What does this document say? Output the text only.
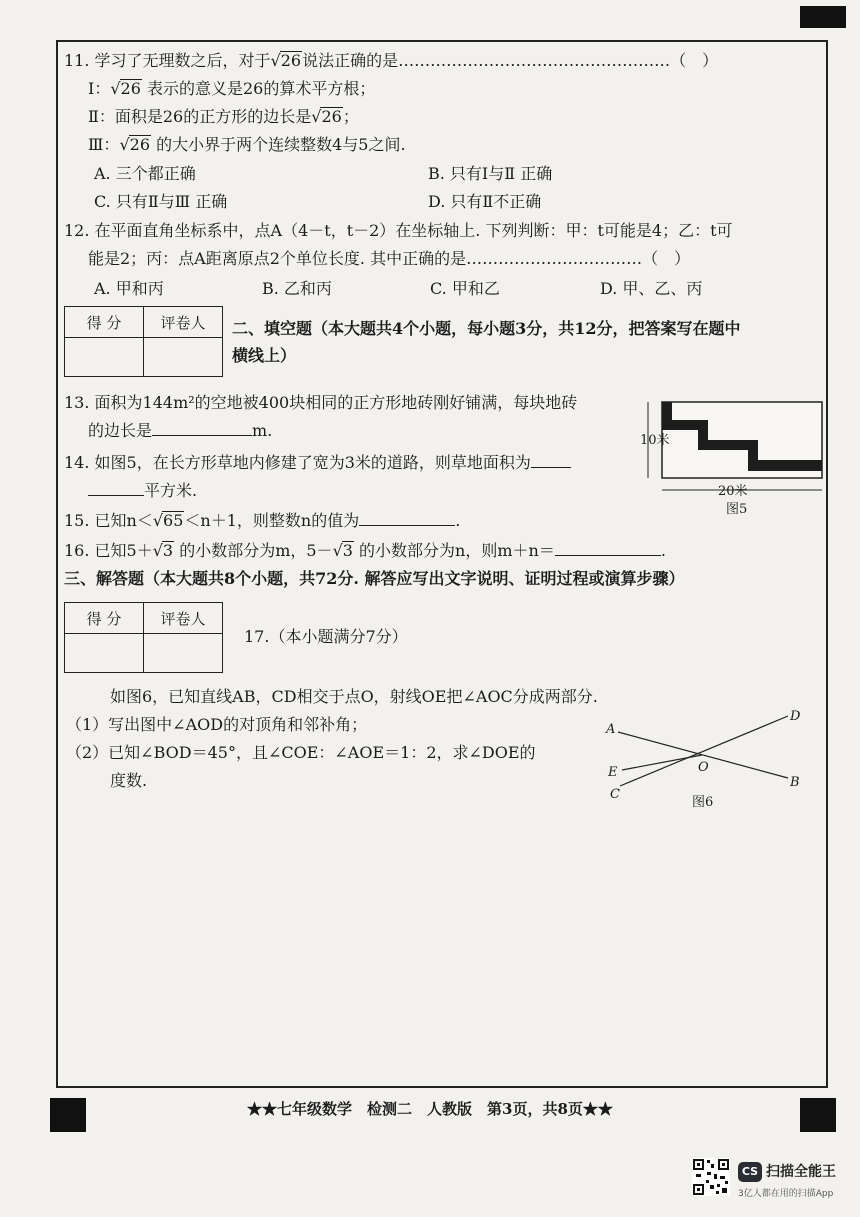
11. 学习了无理数之后，对于√26说法正确的是……………………………………………（　）
Ⅰ：√26 表示的意义是26的算术平方根；
Ⅱ：面积是26的正方形的边长是√26；
Ⅲ：√26 的大小界于两个连续整数4与5之间.
A. 三个都正确	B. 只有Ⅰ与Ⅱ 正确
C. 只有Ⅱ与Ⅲ 正确	D. 只有Ⅱ不正确
12. 在平面直角坐标系中，点A（4－t，t－2）在坐标轴上. 下列判断：甲：t可能是4；乙：t可
能是2；丙：点A距离原点2个单位长度. 其中正确的是……………………………（　）
A. 甲和丙	B. 乙和丙	C. 甲和乙	D. 甲、乙、丙
得 分	评卷人
	二、填空题（本大题共4个小题，每小题3分，共12分，把答案写在题中
横线上）
13. 面积为144m²的空地被400块相同的正方形地砖刚好铺满，每块地砖
的边长是	m.
14. 如图5，在长方形草地内修建了宽为3米的道路，则草地面积为
平方米.
10米
20米
图5
15. 已知n＜√65＜n＋1，则整数n的值为	.
16. 已知5＋√3 的小数部分为m，5－√3 的小数部分为n，则m＋n＝	.
三、解答题（本大题共8个小题，共72分. 解答应写出文字说明、证明过程或演算步骤）
得 分	评卷人

17.（本小题满分7分）
如图6，已知直线AB，CD相交于点O，射线OE把∠AOC分成两部分.
（1）写出图中∠AOD的对顶角和邻补角；
（2）已知∠BOD＝45°，且∠COE：∠AOE＝1：2，求∠DOE的
度数.
A
D
E	O
C
B
图6
★★七年级数学　检测二　人教版　第3页，共8页★★
CS 扫描全能王
3亿人都在用的扫描App
